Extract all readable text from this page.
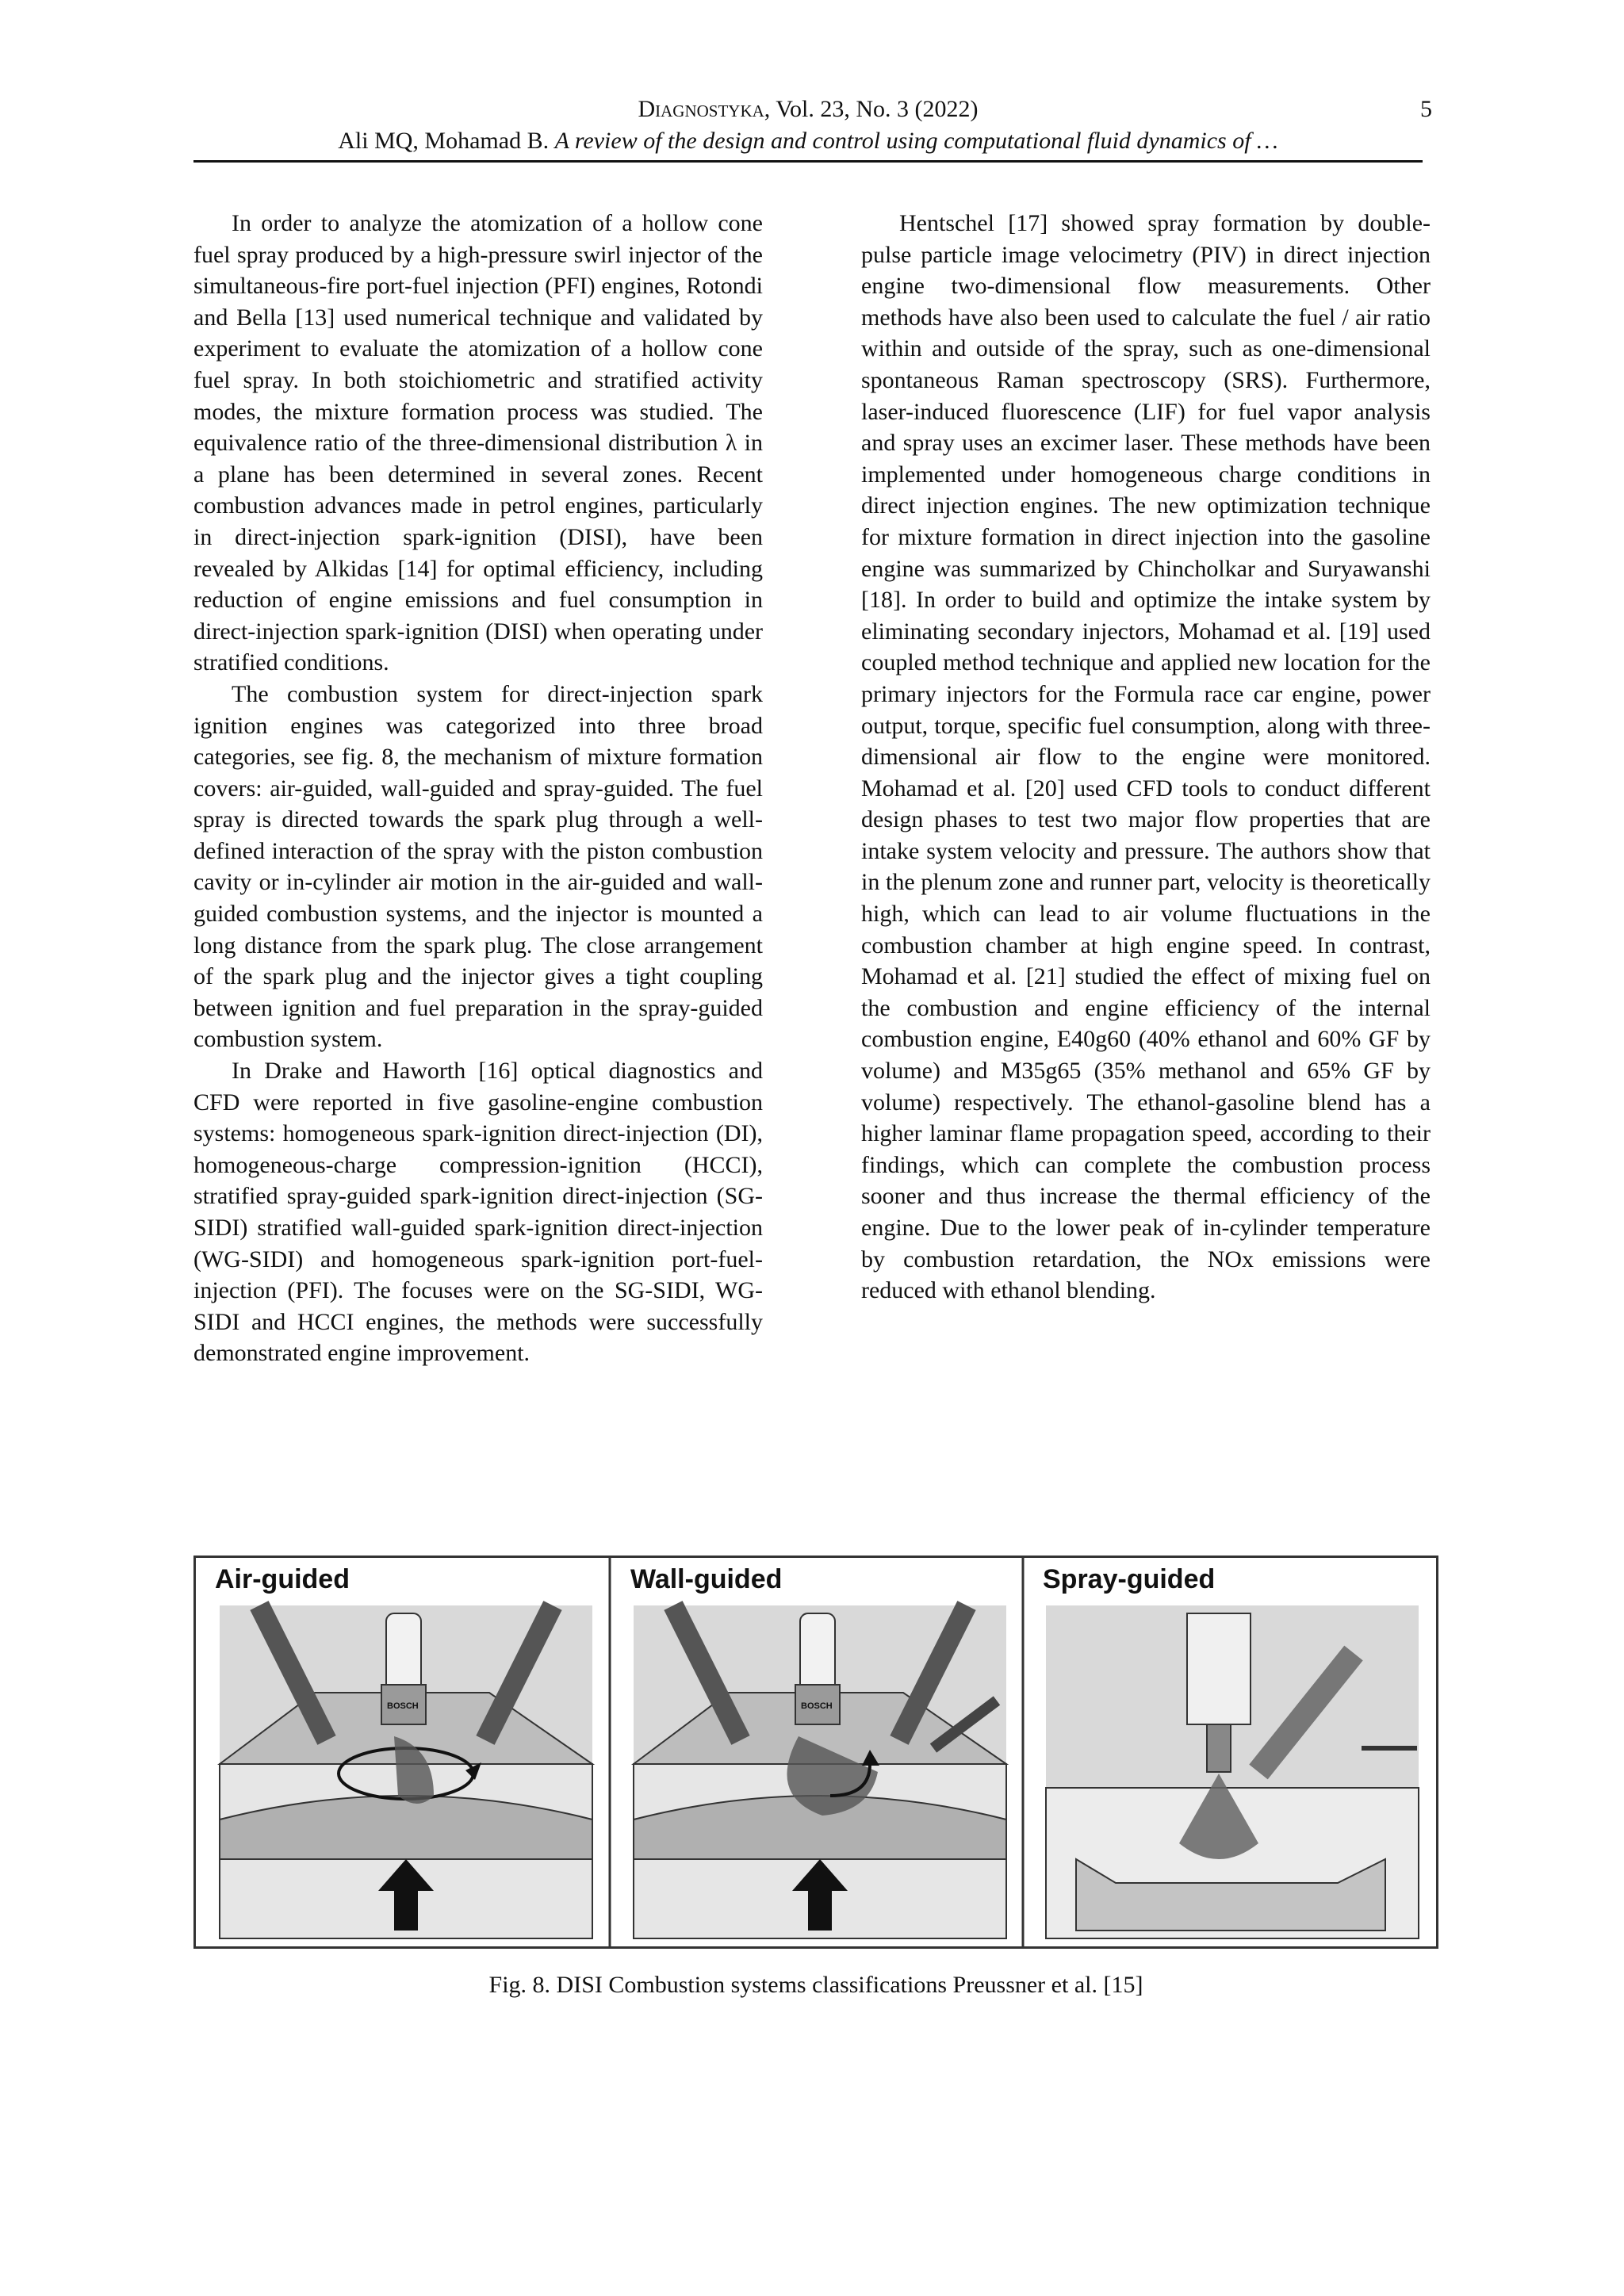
Diagnostyka, Vol. 23, No. 3 (2022)
Ali MQ, Mohamad B. A review of the design and control using computational fluid dynamics of …
5

In order to analyze the atomization of a hollow cone fuel spray produced by a high-pressure swirl injector of the simultaneous-fire port-fuel injection (PFI) engines, Rotondi and Bella [13] used numerical technique and validated by experiment to evaluate the atomization of a hollow cone fuel spray. In both stoichiometric and stratified activity modes, the mixture formation process was studied. The equivalence ratio of the three-dimensional distribution λ in a plane has been determined in several zones. Recent combustion advances made in petrol engines, particularly in direct-injection spark-ignition (DISI), have been revealed by Alkidas [14] for optimal efficiency, including reduction of engine emissions and fuel consumption in direct-injection spark-ignition (DISI) when operating under stratified conditions.

The combustion system for direct-injection spark ignition engines was categorized into three broad categories, see fig. 8, the mechanism of mixture formation covers: air-guided, wall-guided and spray-guided. The fuel spray is directed towards the spark plug through a well-defined interaction of the spray with the piston combustion cavity or in-cylinder air motion in the air-guided and wall-guided combustion systems, and the injector is mounted a long distance from the spark plug. The close arrangement of the spark plug and the injector gives a tight coupling between ignition and fuel preparation in the spray-guided combustion system.

In Drake and Haworth [16] optical diagnostics and CFD were reported in five gasoline-engine combustion systems: homogeneous spark-ignition direct-injection (DI), homogeneous-charge compression-ignition (HCCI), stratified spray-guided spark-ignition direct-injection (SG-SIDI) stratified wall-guided spark-ignition direct-injection (WG-SIDI) and homogeneous spark-ignition port-fuel-injection (PFI). The focuses were on the SG-SIDI, WG-SIDI and HCCI engines, the methods were successfully demonstrated engine improvement.

Hentschel [17] showed spray formation by double-pulse particle image velocimetry (PIV) in direct injection engine two-dimensional flow measurements. Other methods have also been used to calculate the fuel / air ratio within and outside of the spray, such as one-dimensional spontaneous Raman spectroscopy (SRS). Furthermore, laser-induced fluorescence (LIF) for fuel vapor analysis and spray uses an excimer laser. These methods have been implemented under homogeneous charge conditions in direct injection engines. The new optimization technique for mixture formation in direct injection into the gasoline engine was summarized by Chincholkar and Suryawanshi [18]. In order to build and optimize the intake system by eliminating secondary injectors, Mohamad et al. [19] used coupled method technique and applied new location for the primary injectors for the Formula race car engine, power output, torque, specific fuel consumption, along with three-dimensional air flow to the engine were monitored. Mohamad et al. [20] used CFD tools to conduct different design phases to test two major flow properties that are intake system velocity and pressure. The authors show that in the plenum zone and runner part, velocity is theoretically high, which can lead to air volume fluctuations in the combustion chamber at high engine speed. In contrast, Mohamad et al. [21] studied the effect of mixing fuel on the combustion and engine efficiency of the internal combustion engine, E40g60 (40% ethanol and 60% GF by volume) and M35g65 (35% methanol and 65% GF by volume) respectively. The ethanol-gasoline blend has a higher laminar flame propagation speed, according to their findings, which can complete the combustion process sooner and thus increase the thermal efficiency of the engine. Due to the lower peak of in-cylinder temperature by combustion retardation, the NOx emissions were reduced with ethanol blending.

Air-guided
BOSCH
Wall-guided
BOSCH
Spray-guided
Fig. 8. DISI Combustion systems classifications Preussner et al. [15]
